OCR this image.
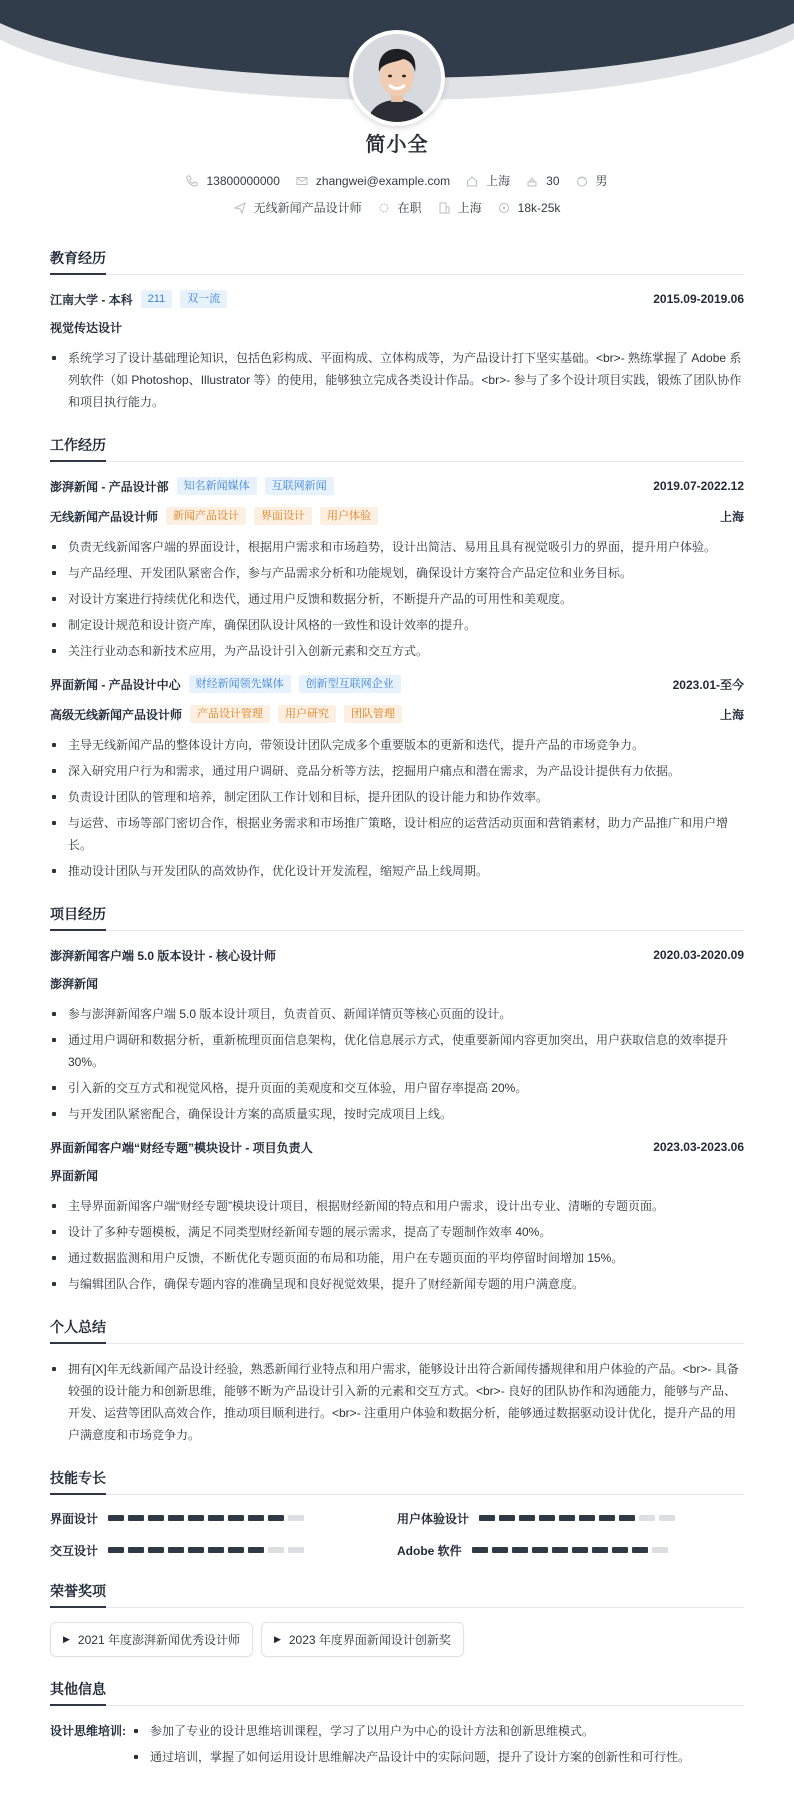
简小全
13800000000	zhangwei@example.com	上海	30	男
无线新闻产品设计师	在职	上海	18k-25k
教育经历
江南大学 - 本科	211	双一流	2015.09-2019.06
视觉传达设计
系统学习了设计基础理论知识，包括色彩构成、平面构成、立体构成等，为产品设计打下坚实基础。<br>- 熟练掌握了 Adobe 系列软件（如 Photoshop、Illustrator 等）的使用，能够独立完成各类设计作品。<br>- 参与了多个设计项目实践，锻炼了团队协作和项目执行能力。
工作经历
澎湃新闻 - 产品设计部	知名新闻媒体	互联网新闻	2019.07-2022.12
无线新闻产品设计师	新闻产品设计	界面设计	用户体验	上海
负责无线新闻客户端的界面设计，根据用户需求和市场趋势，设计出简洁、易用且具有视觉吸引力的界面，提升用户体验。
与产品经理、开发团队紧密合作，参与产品需求分析和功能规划，确保设计方案符合产品定位和业务目标。
对设计方案进行持续优化和迭代，通过用户反馈和数据分析，不断提升产品的可用性和美观度。
制定设计规范和设计资产库，确保团队设计风格的一致性和设计效率的提升。
关注行业动态和新技术应用，为产品设计引入创新元素和交互方式。
界面新闻 - 产品设计中心	财经新闻领先媒体	创新型互联网企业	2023.01-至今
高级无线新闻产品设计师	产品设计管理	用户研究	团队管理	上海
主导无线新闻产品的整体设计方向，带领设计团队完成多个重要版本的更新和迭代，提升产品的市场竞争力。
深入研究用户行为和需求，通过用户调研、竞品分析等方法，挖掘用户痛点和潜在需求，为产品设计提供有力依据。
负责设计团队的管理和培养，制定团队工作计划和目标，提升团队的设计能力和协作效率。
与运营、市场等部门密切合作，根据业务需求和市场推广策略，设计相应的运营活动页面和营销素材，助力产品推广和用户增长。
推动设计团队与开发团队的高效协作，优化设计开发流程，缩短产品上线周期。
项目经历
澎湃新闻客户端 5.0 版本设计 - 核心设计师	2020.03-2020.09
澎湃新闻
参与澎湃新闻客户端 5.0 版本设计项目，负责首页、新闻详情页等核心页面的设计。
通过用户调研和数据分析，重新梳理页面信息架构，优化信息展示方式，使重要新闻内容更加突出，用户获取信息的效率提升 30%。
引入新的交互方式和视觉风格，提升页面的美观度和交互体验，用户留存率提高 20%。
与开发团队紧密配合，确保设计方案的高质量实现，按时完成项目上线。
界面新闻客户端“财经专题”模块设计 - 项目负责人	2023.03-2023.06
界面新闻
主导界面新闻客户端“财经专题”模块设计项目，根据财经新闻的特点和用户需求，设计出专业、清晰的专题页面。
设计了多种专题模板，满足不同类型财经新闻专题的展示需求，提高了专题制作效率 40%。
通过数据监测和用户反馈，不断优化专题页面的布局和功能，用户在专题页面的平均停留时间增加 15%。
与编辑团队合作，确保专题内容的准确呈现和良好视觉效果，提升了财经新闻专题的用户满意度。
个人总结
拥有[X]年无线新闻产品设计经验，熟悉新闻行业特点和用户需求，能够设计出符合新闻传播规律和用户体验的产品。<br>- 具备较强的设计能力和创新思维，能够不断为产品设计引入新的元素和交互方式。<br>- 良好的团队协作和沟通能力，能够与产品、开发、运营等团队高效合作，推动项目顺利进行。<br>- 注重用户体验和数据分析，能够通过数据驱动设计优化，提升产品的用户满意度和市场竞争力。
技能专长
界面设计	用户体验设计
交互设计	Adobe 软件
荣誉奖项
▶ 2021 年度澎湃新闻优秀设计师	▶ 2023 年度界面新闻设计创新奖
其他信息
设计思维培训:	参加了专业的设计思维培训课程，学习了以用户为中心的设计方法和创新思维模式。
通过培训，掌握了如何运用设计思维解决产品设计中的实际问题，提升了设计方案的创新性和可行性。
